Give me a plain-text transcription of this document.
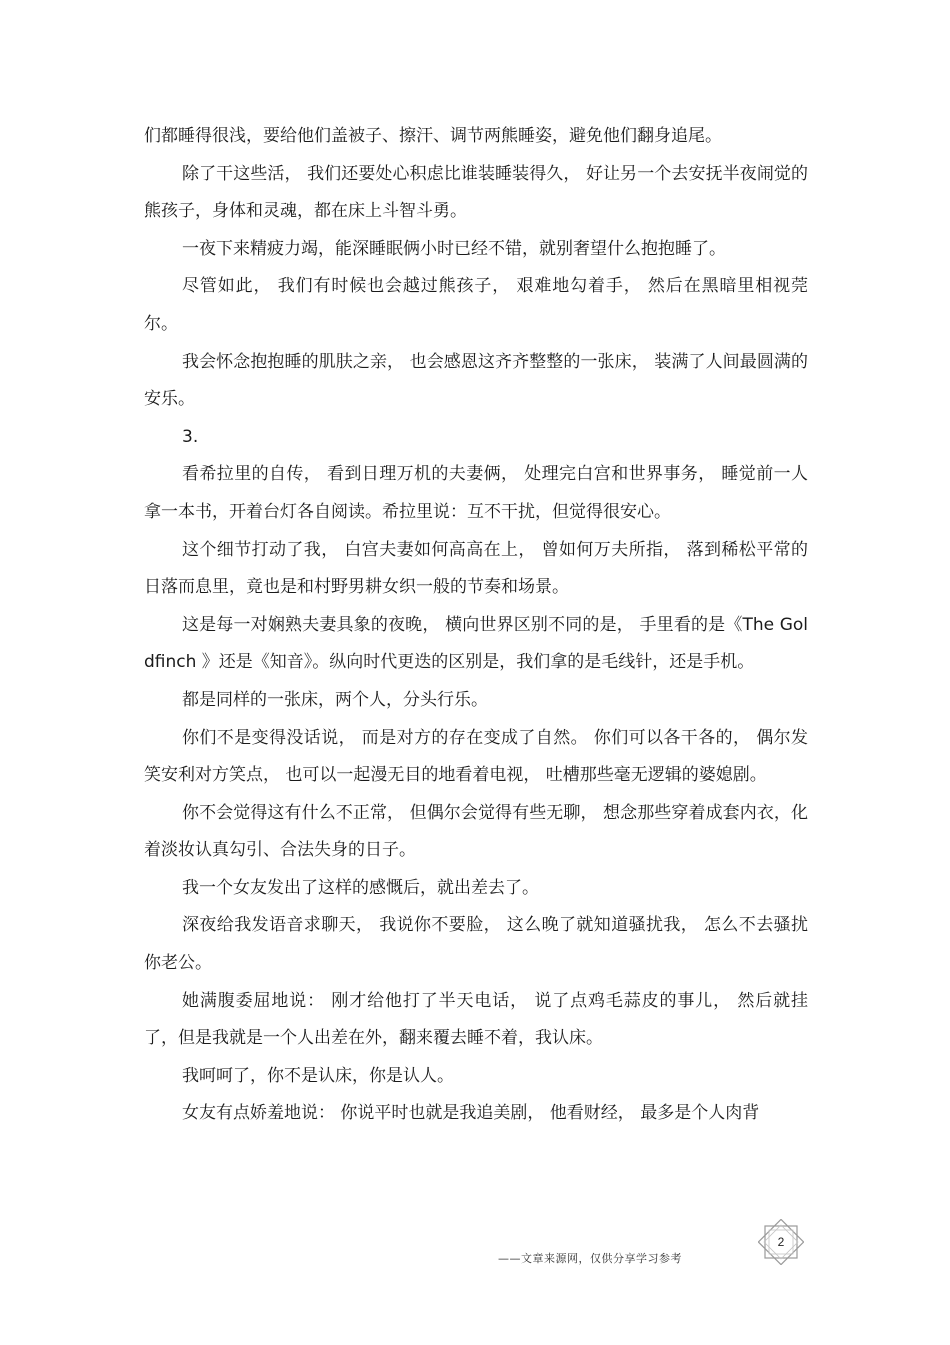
们都睡得很浅，要给他们盖被子、擦汗、调节两熊睡姿，避免他们翻身追尾。

除了干这些活， 我们还要处心积虑比谁装睡装得久， 好让另一个去安抚半夜闹觉的熊孩子，身体和灵魂，都在床上斗智斗勇。

一夜下来精疲力竭，能深睡眠俩小时已经不错，就别奢望什么抱抱睡了。

尽管如此， 我们有时候也会越过熊孩子， 艰难地勾着手， 然后在黑暗里相视莞尔。

我会怀念抱抱睡的肌肤之亲， 也会感恩这齐齐整整的一张床， 装满了人间最圆满的安乐。

3.

看希拉里的自传， 看到日理万机的夫妻俩， 处理完白宫和世界事务， 睡觉前一人拿一本书，开着台灯各自阅读。希拉里说：互不干扰，但觉得很安心。

这个细节打动了我， 白宫夫妻如何高高在上， 曾如何万夫所指， 落到稀松平常的日落而息里，竟也是和村野男耕女织一般的节奏和场景。

这是每一对娴熟夫妻具象的夜晚， 横向世界区别不同的是， 手里看的是《The Goldfinch 》还是《知音》。纵向时代更迭的区别是，我们拿的是毛线针，还是手机。

都是同样的一张床，两个人，分头行乐。

你们不是变得没话说， 而是对方的存在变成了自然。 你们可以各干各的， 偶尔发笑安利对方笑点， 也可以一起漫无目的地看着电视， 吐槽那些毫无逻辑的婆媳剧。

你不会觉得这有什么不正常， 但偶尔会觉得有些无聊， 想念那些穿着成套内衣，化着淡妆认真勾引、合法失身的日子。

我一个女友发出了这样的感慨后，就出差去了。

深夜给我发语音求聊天， 我说你不要脸， 这么晚了就知道骚扰我， 怎么不去骚扰你老公。

她满腹委屈地说： 刚才给他打了半天电话， 说了点鸡毛蒜皮的事儿， 然后就挂了，但是我就是一个人出差在外，翻来覆去睡不着，我认床。

我呵呵了，你不是认床，你是认人。

女友有点娇羞地说： 你说平时也就是我追美剧， 他看财经， 最多是个人肉背

2
——文章来源网，仅供分享学习参考
